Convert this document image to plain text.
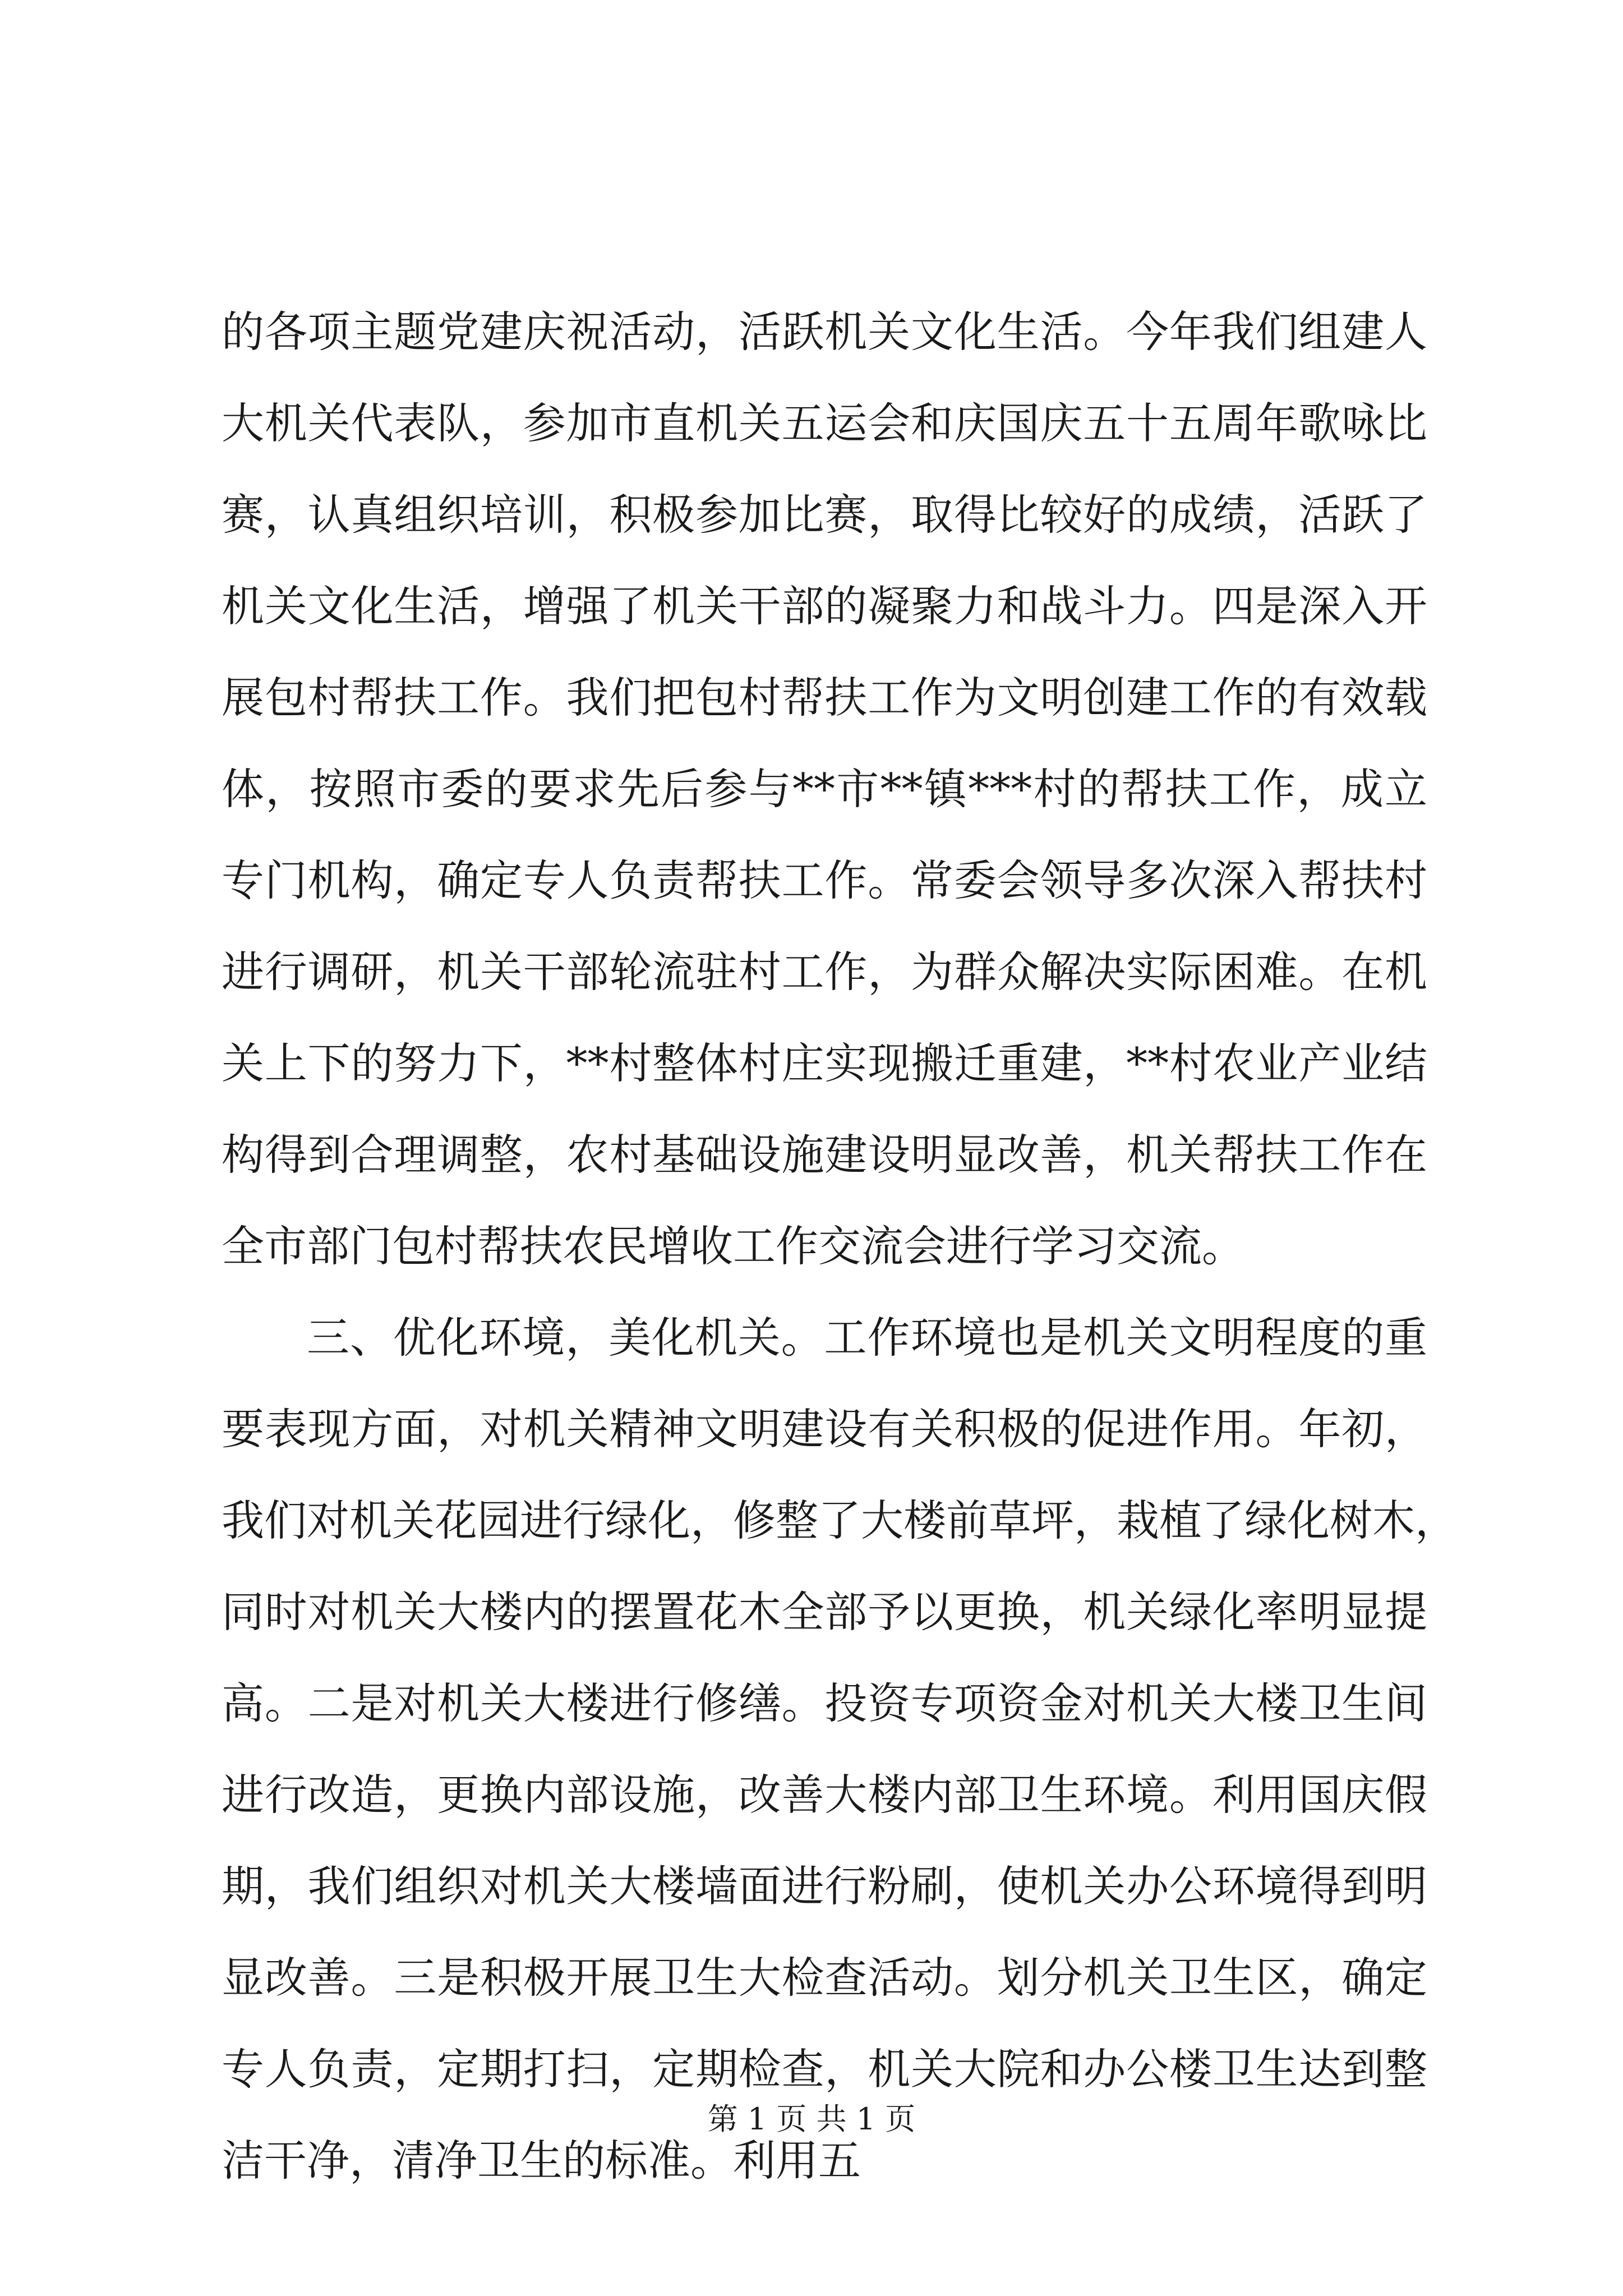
的各项主题党建庆祝活动，活跃机关文化生活。今年我们组建人
大机关代表队，参加市直机关五运会和庆国庆五十五周年歌咏比
赛，认真组织培训，积极参加比赛，取得比较好的成绩，活跃了
机关文化生活，增强了机关干部的凝聚力和战斗力。四是深入开
展包村帮扶工作。我们把包村帮扶工作为文明创建工作的有效载
体，按照市委的要求先后参与**市**镇***村的帮扶工作，成立
专门机构，确定专人负责帮扶工作。常委会领导多次深入帮扶村
进行调研，机关干部轮流驻村工作，为群众解决实际困难。在机
关上下的努力下，**村整体村庄实现搬迁重建，**村农业产业结
构得到合理调整，农村基础设施建设明显改善，机关帮扶工作在
全市部门包村帮扶农民增收工作交流会进行学习交流。
三、优化环境，美化机关。工作环境也是机关文明程度的重
要表现方面，对机关精神文明建设有关积极的促进作用。年初，
我们对机关花园进行绿化，修整了大楼前草坪，栽植了绿化树木，
同时对机关大楼内的摆置花木全部予以更换，机关绿化率明显提
高。二是对机关大楼进行修缮。投资专项资金对机关大楼卫生间
进行改造，更换内部设施，改善大楼内部卫生环境。利用国庆假
期，我们组织对机关大楼墙面进行粉刷，使机关办公环境得到明
显改善。三是积极开展卫生大检查活动。划分机关卫生区，确定
专人负责，定期打扫，定期检查，机关大院和办公楼卫生达到整
洁干净，清净卫生的标准。利用五
第 1 页 共 1 页
